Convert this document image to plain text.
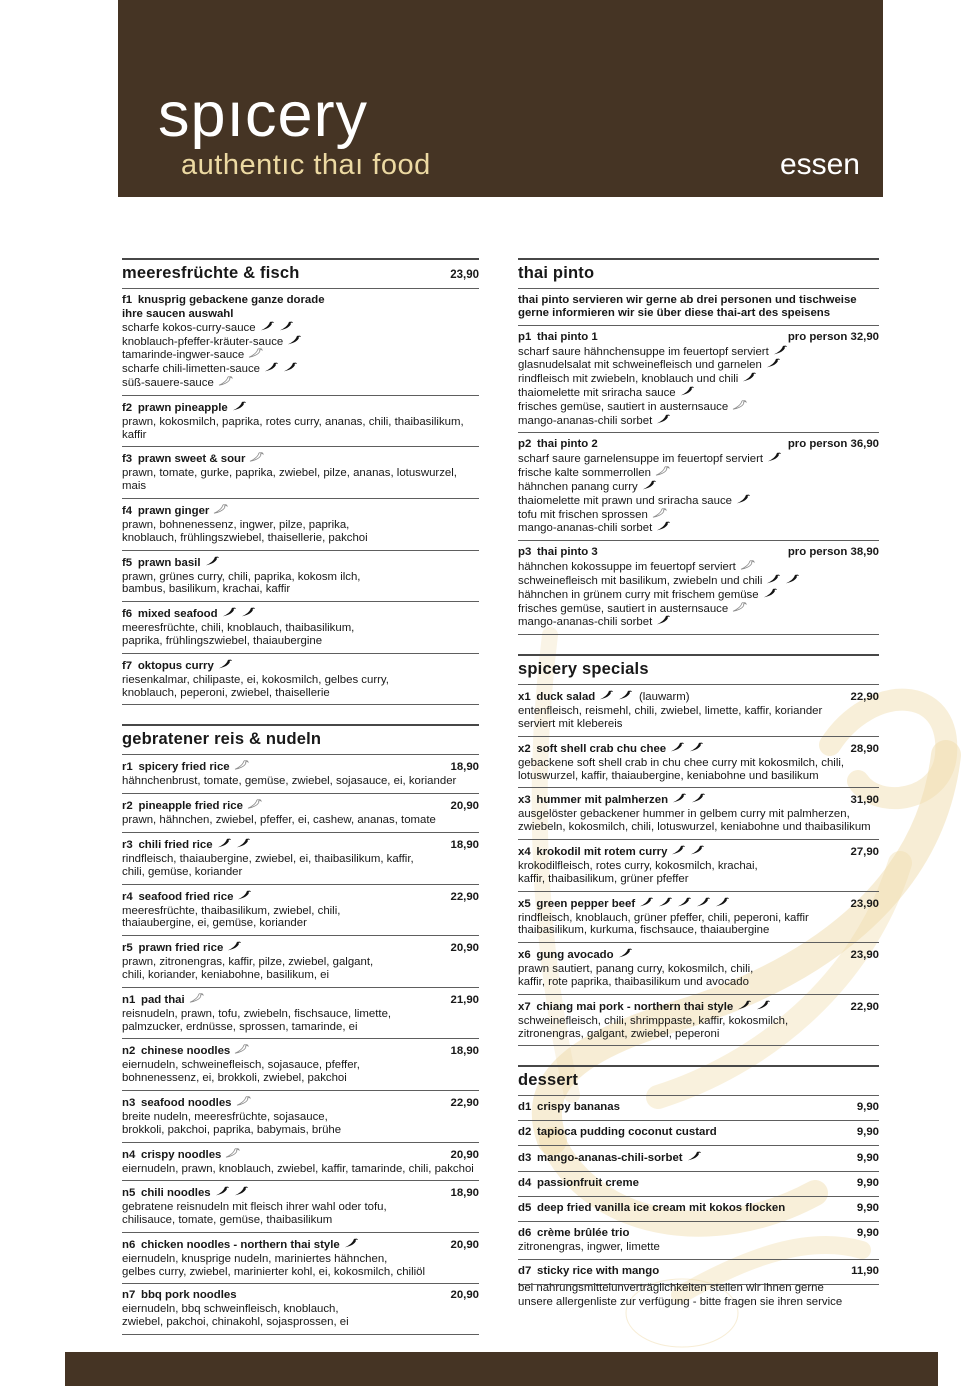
spıcery
authentıc thaı food	essen
meeresfrüchte & fisch	23,90
f1 knusprig gebackene ganze dorade
ihre saucen auswahl
scharfe kokos-curry-sauce
knoblauch-pfeffer-kräuter-sauce
tamarinde-ingwer-sauce
scharfe chili-limetten-sauce
süß-sauere-sauce
f2 prawn pineapple
prawn, kokosmilch, paprika, rotes curry, ananas, chili, thaibasilikum, kaffir
f3 prawn sweet & sour
prawn, tomate, gurke, paprika, zwiebel, pilze, ananas, lotuswurzel, mais
f4 prawn ginger
prawn, bohnenessenz, ingwer, pilze, paprika,
knoblauch, frühlingszwiebel, thaisellerie, pakchoi
f5 prawn basil
prawn, grünes curry, chili, paprika, kokosm ilch,
bambus, basilikum, krachai, kaffir
f6 mixed seafood
meeresfrüchte, chili, knoblauch, thaibasilikum,
paprika, frühlingszwiebel, thaiaubergine
f7 oktopus curry
riesenkalmar, chilipaste, ei, kokosmilch, gelbes curry,
knoblauch, peperoni, zwiebel, thaisellerie
gebratener reis & nudeln
r1 spicery fried rice	18,90
hähnchenbrust, tomate, gemüse, zwiebel, sojasauce, ei, koriander
r2 pineapple fried rice	20,90
prawn, hähnchen, zwiebel, pfeffer, ei, cashew, ananas, tomate
r3 chili fried rice	18,90
rindfleisch, thaiaubergine, zwiebel, ei, thaibasilikum, kaffir,
chili, gemüse, koriander
r4 seafood fried rice	22,90
meeresfrüchte, thaibasilikum, zwiebel, chili,
thaiaubergine, ei, gemüse, koriander
r5 prawn fried rice	20,90
prawn, zitronengras, kaffir, pilze, zwiebel, galgant,
chili, koriander, keniabohne, basilikum, ei
n1 pad thai	21,90
reisnudeln, prawn, tofu, zwiebeln, fischsauce, limette,
palmzucker, erdnüsse, sprossen, tamarinde, ei
n2 chinese noodles	18,90
eiernudeln, schweinefleisch, sojasauce, pfeffer,
bohnenessenz, ei, brokkoli, zwiebel, pakchoi
n3 seafood noodles	22,90
breite nudeln, meeresfrüchte, sojasauce,
brokkoli, pakchoi, paprika, babymais, brühe
n4 crispy noodles	20,90
eiernudeln, prawn, knoblauch, zwiebel, kaffir, tamarinde, chili, pakchoi
n5 chili noodles	18,90
gebratene reisnudeln mit fleisch ihrer wahl oder tofu,
chilisauce, tomate, gemüse, thaibasilikum
n6 chicken noodles - northern thai style	20,90
eiernudeln, knusprige nudeln, mariniertes hähnchen,
gelbes curry, zwiebel, marinierter kohl, ei, kokosmilch, chiliöl
n7 bbq pork noodles	20,90
eiernudeln, bbq schweinfleisch, knoblauch,
zwiebel, pakchoi, chinakohl, sojasprossen, ei
thai pinto
thai pinto servieren wir gerne ab drei personen und tischweise
gerne informieren wir sie über diese thai-art des speisens
p1 thai pinto 1	pro person 32,90
scharf saure hähnchensuppe im feuertopf serviert
glasnudelsalat mit schweinefleisch und garnelen
rindfleisch mit zwiebeln, knoblauch und chili
thaiomelette mit sriracha sauce
frisches gemüse, sautiert in austernsauce
mango-ananas-chili sorbet
p2 thai pinto 2	pro person 36,90
scharf saure garnelensuppe im feuertopf serviert
frische kalte sommerrollen
hähnchen panang curry
thaiomelette mit prawn und sriracha sauce
tofu mit frischen sprossen
mango-ananas-chili sorbet
p3 thai pinto 3	pro person 38,90
hähnchen kokossuppe im feuertopf serviert
schweinefleisch mit basilikum, zwiebeln und chili
hähnchen in grünem curry mit frischem gemüse
frisches gemüse, sautiert in austernsauce
mango-ananas-chili sorbet
spicery specials
x1 duck salad	 (lauwarm)	22,90
entenfleisch, reismehl, chili, zwiebel, limette, kaffir, koriander
serviert mit klebereis
x2 soft shell crab chu chee	28,90
gebackene soft shell crab in chu chee curry mit kokosmilch, chili,
lotuswurzel, kaffir, thaiaubergine, keniabohne und basilikum
x3 hummer mit palmherzen	31,90
ausgelöster gebackener hummer in gelbem curry mit palmherzen,
zwiebeln, kokosmilch, chili, lotuswurzel, keniabohne und thaibasilikum
x4 krokodil mit rotem curry	27,90
krokodilfleisch, rotes curry, kokosmilch, krachai,
kaffir, thaibasilikum, grüner pfeffer
x5 green pepper beef	23,90
rindfleisch, knoblauch, grüner pfeffer, chili, peperoni, kaffir
thaibasilikum, kurkuma, fischsauce, thaiaubergine
x6 gung avocado	23,90
prawn sautiert, panang curry, kokosmilch, chili,
kaffir, rote paprika, thaibasilikum und avocado
x7 chiang mai pork - northern thai style	22,90
schweinefleisch, chili, shrimppaste, kaffir, kokosmilch,
zitronengras, galgant, zwiebel, peperoni
dessert
d1 crispy bananas	9,90
d2 tapioca pudding coconut custard	9,90
d3 mango-ananas-chili-sorbet	9,90
d4 passionfruit creme	9,90
d5 deep fried vanilla ice cream mit kokos flocken	9,90
d6 crème brûlée trio	9,90
zitronengras, ingwer, limette
d7 sticky rice with mango	11,90
bei nahrungsmittelunverträglichkeiten stellen wir ihnen gerne
unsere allergenliste zur verfügung - bitte fragen sie ihren service
